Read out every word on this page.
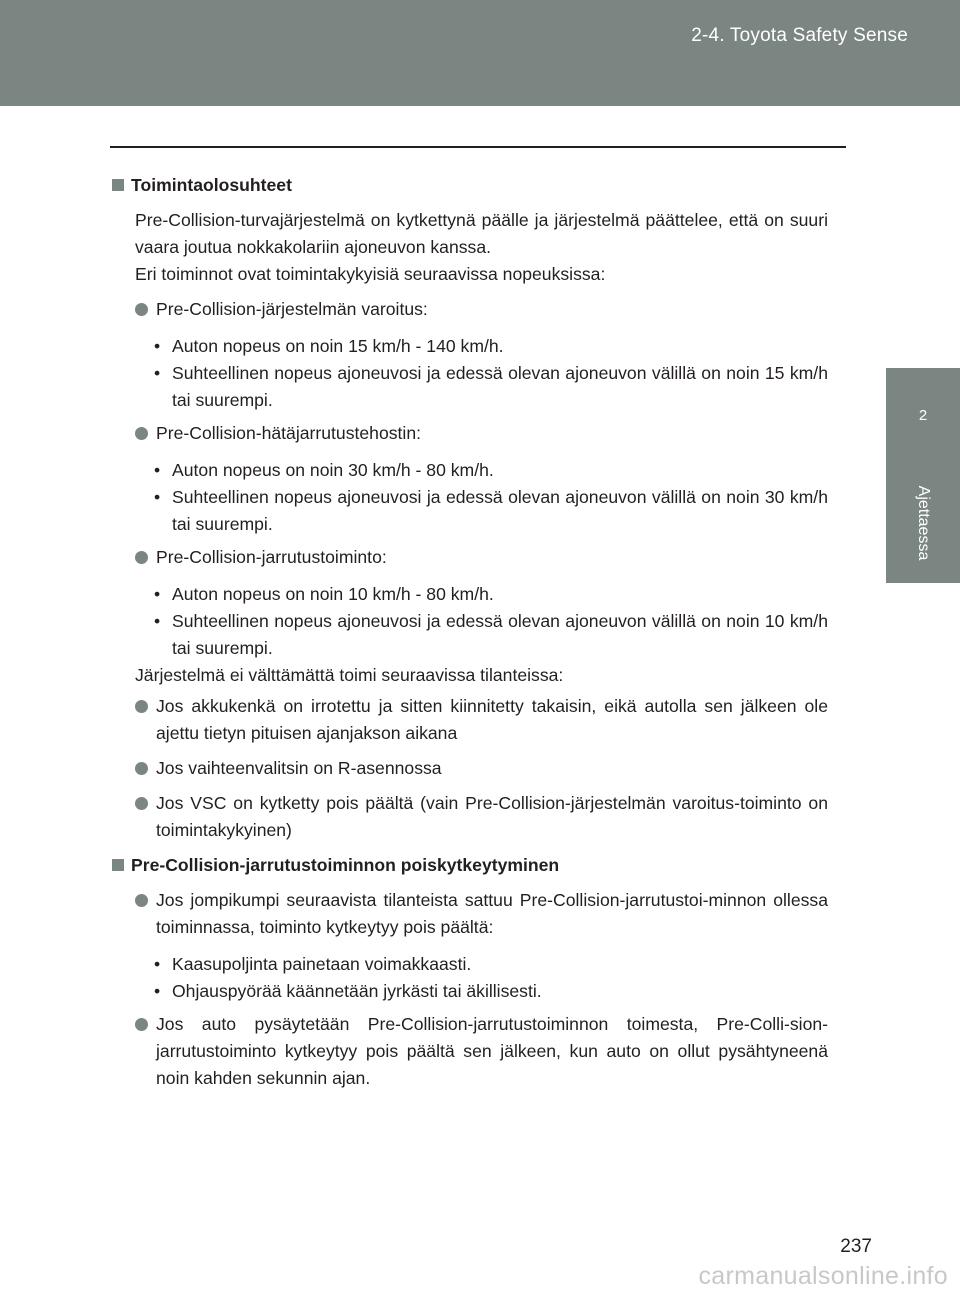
2-4. Toyota Safety Sense
2
Ajettaessa
Toimintaolosuhteet
Pre-Collision-turvajärjestelmä on kytkettynä päälle ja järjestelmä päättelee, että on suuri vaara joutua nokkakolariin ajoneuvon kanssa.
Eri toiminnot ovat toimintakykyisiä seuraavissa nopeuksissa:
Pre-Collision-järjestelmän varoitus:
• Auton nopeus on noin 15 km/h - 140 km/h.
• Suhteellinen nopeus ajoneuvosi ja edessä olevan ajoneuvon välillä on noin 15 km/h tai suurempi.
Pre-Collision-hätäjarrutustehostin:
• Auton nopeus on noin 30 km/h - 80 km/h.
• Suhteellinen nopeus ajoneuvosi ja edessä olevan ajoneuvon välillä on noin 30 km/h tai suurempi.
Pre-Collision-jarrutustoiminto:
• Auton nopeus on noin 10 km/h - 80 km/h.
• Suhteellinen nopeus ajoneuvosi ja edessä olevan ajoneuvon välillä on noin 10 km/h tai suurempi.
Järjestelmä ei välttämättä toimi seuraavissa tilanteissa:
Jos akkukenkä on irrotettu ja sitten kiinnitetty takaisin, eikä autolla sen jälkeen ole ajettu tietyn pituisen ajanjakson aikana
Jos vaihteenvalitsin on R-asennossa
Jos VSC on kytketty pois päältä (vain Pre-Collision-järjestelmän varoitus-toiminto on toimintakykyinen)
Pre-Collision-jarrutustoiminnon poiskytkeytyminen
Jos jompikumpi seuraavista tilanteista sattuu Pre-Collision-jarrutustoi-minnon ollessa toiminnassa, toiminto kytkeytyy pois päältä:
• Kaasupoljinta painetaan voimakkaasti.
• Ohjauspyörää käännetään jyrkästi tai äkillisesti.
Jos auto pysäytetään Pre-Collision-jarrutustoiminnon toimesta, Pre-Colli-sion-jarrutustoiminto kytkeytyy pois päältä sen jälkeen, kun auto on ollut pysähtyneenä noin kahden sekunnin ajan.
237
carmanualsonline.info
